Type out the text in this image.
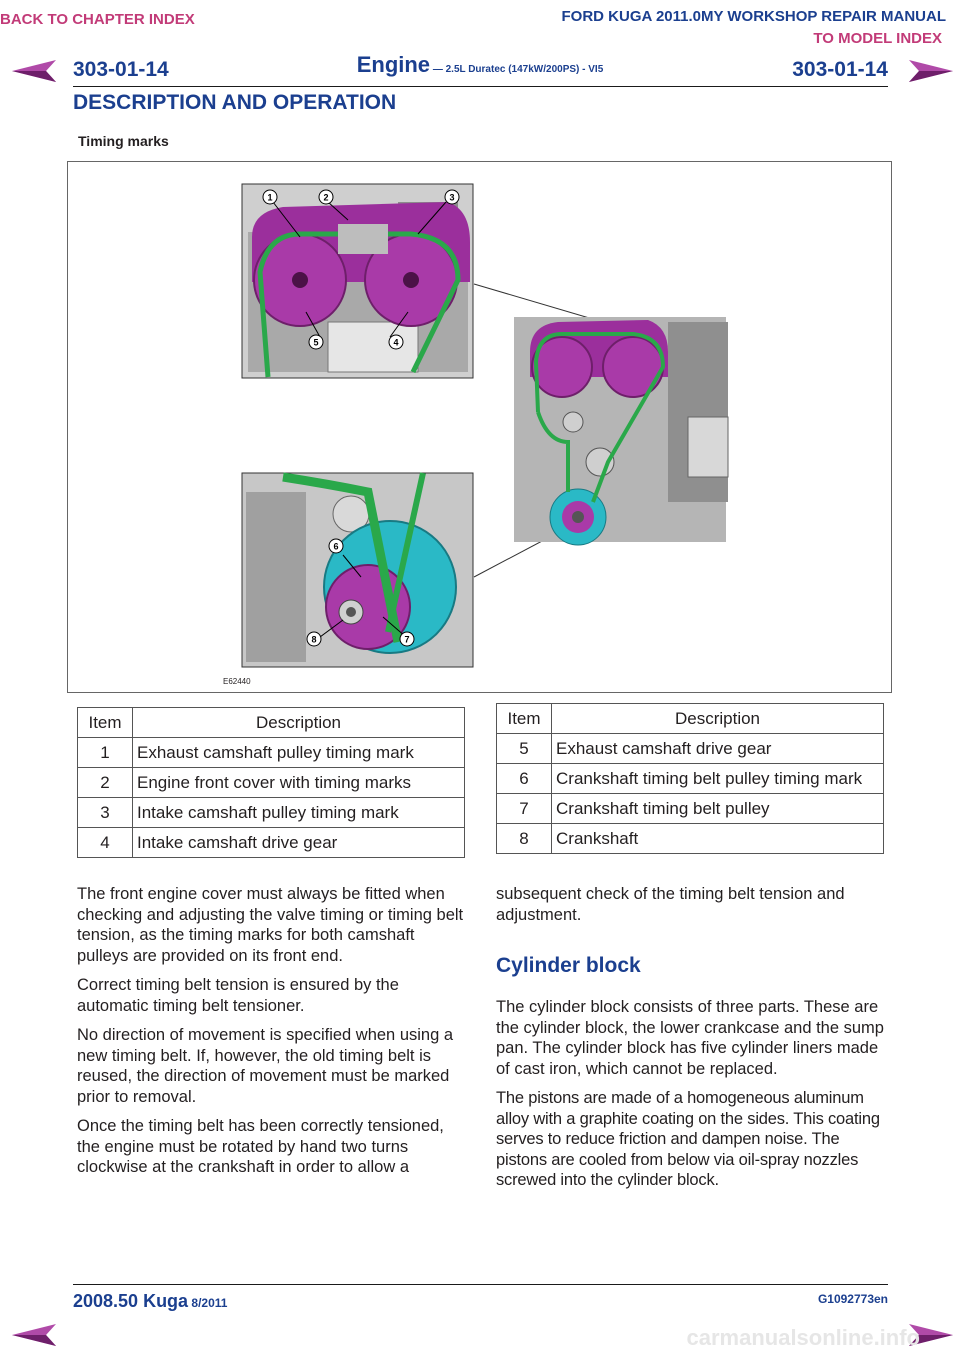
BACK TO CHAPTER INDEX	FORD KUGA 2011.0MY WORKSHOP REPAIR MANUAL
TO MODEL INDEX
303-01-14	303-01-14
Engine — 2.5L Duratec (147kW/200PS) - VI5
DESCRIPTION AND OPERATION
Timing marks
1	2	3
4
5
6
7
8
E62440
Item	Description
1	Exhaust camshaft pulley timing mark
2	Engine front cover with timing marks
3	Intake camshaft pulley timing mark
4	Intake camshaft drive gear
Item	Description
5	Exhaust camshaft drive gear
6	Crankshaft timing belt pulley timing mark
7	Crankshaft timing belt pulley
8	Crankshaft

The front engine cover must always be fitted when checking and adjusting the valve timing or timing belt tension, as the timing marks for both camshaft pulleys are provided on its front end.

Correct timing belt tension is ensured by the automatic timing belt tensioner.

No direction of movement is specified when using a new timing belt. If, however, the old timing belt is reused, the direction of movement must be marked prior to removal.

Once the timing belt has been correctly tensioned, the engine must be rotated by hand two turns clockwise at the crankshaft in order to allow a

subsequent check of the timing belt tension and adjustment.

Cylinder block

The cylinder block consists of three parts. These are the cylinder block, the lower crankcase and the sump pan. The cylinder block has five cylinder liners made of cast iron, which cannot be replaced.

The pistons are made of a homogeneous aluminum alloy with a graphite coating on the sides. This coating serves to reduce friction and dampen noise. The pistons are cooled from below via oil-spray nozzles screwed into the cylinder block.

2008.50 Kuga 8/2011	G1092773en
carmanualsonline.info
